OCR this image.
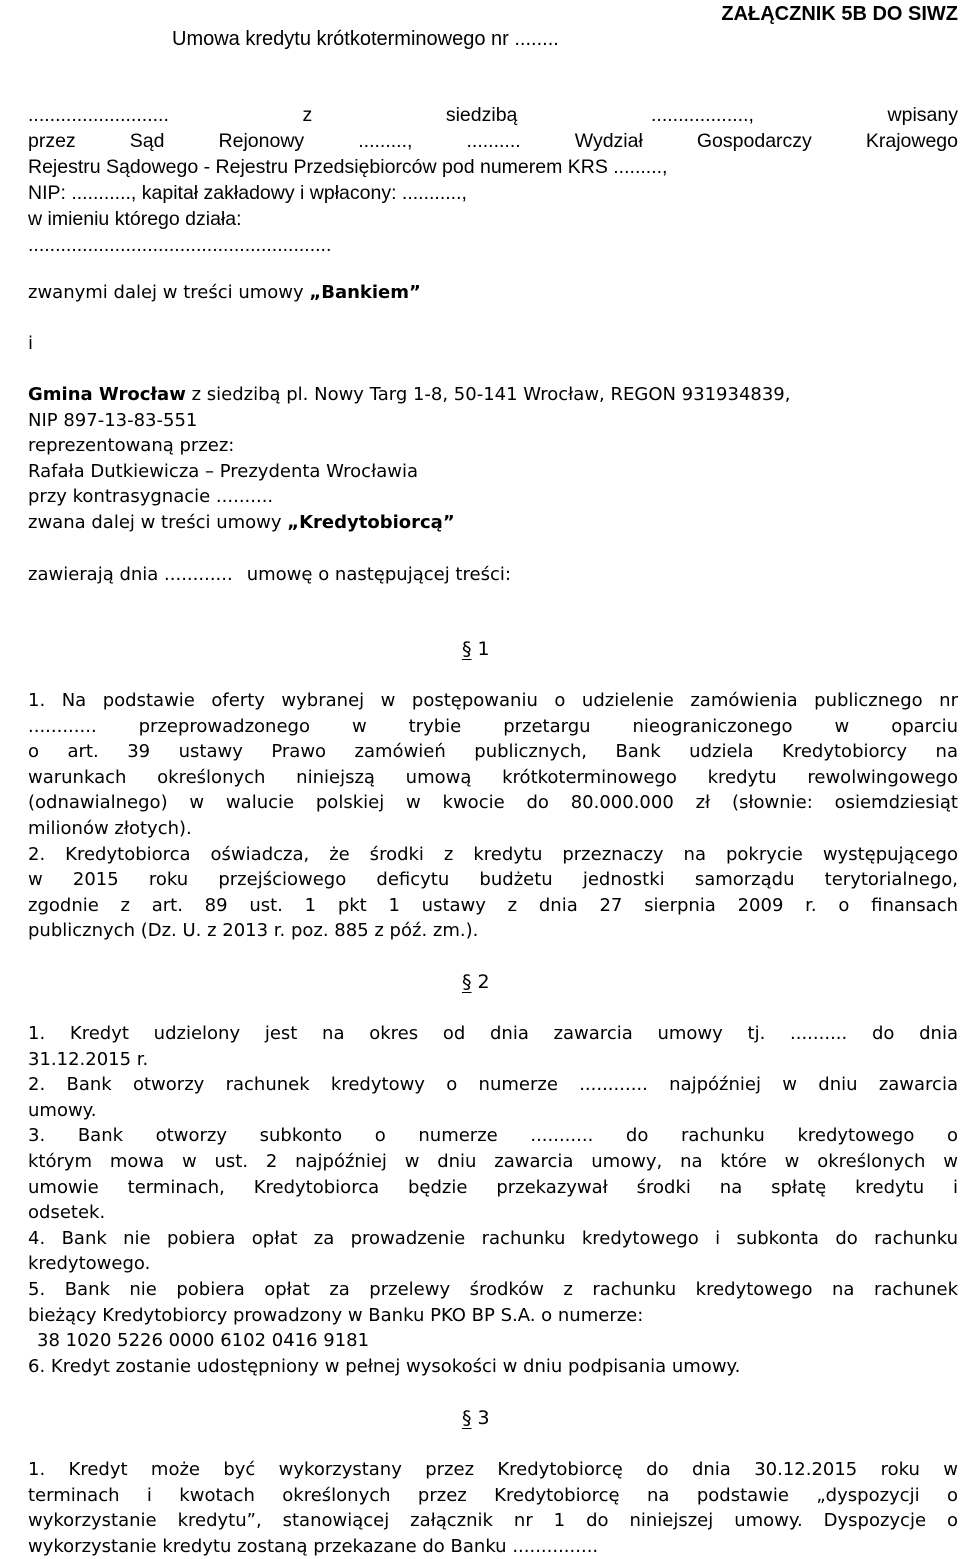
ZAŁĄCZNIK 5B DO SIWZ
Umowa kredytu krótkoterminowego nr ........
.......................... z siedzibą .................., wpisany
przez Sąd Rejonowy ........., .......... Wydział Gospodarczy Krajowego
Rejestru Sądowego - Rejestru Przedsiębiorców pod numerem KRS .........,
NIP: ..........., kapitał zakładowy i wpłacony: ...........,
w imieniu którego działa:
........................................................
zwanymi dalej w treści umowy „Bankiem”
i
Gmina Wrocław z siedzibą pl. Nowy Targ 1-8, 50-141 Wrocław, REGON 931934839,
NIP 897-13-83-551
reprezentowaną przez:
Rafała Dutkiewicza – Prezydenta Wrocławia
przy kontrasygnacie ..........
zwana dalej w treści umowy „Kredytobiorcą”
zawierają dnia ............ umowę o następującej treści:
§ 1
1. Na podstawie oferty wybranej w postępowaniu o udzielenie zamówienia publicznego nr
............ przeprowadzonego w trybie przetargu nieograniczonego w oparciu
o art. 39 ustawy Prawo zamówień publicznych, Bank udziela Kredytobiorcy na
warunkach określonych niniejszą umową krótkoterminowego kredytu rewolwingowego
(odnawialnego) w walucie polskiej w kwocie do 80.000.000 zł (słownie: osiemdziesiąt
milionów złotych).
2. Kredytobiorca oświadcza, że środki z kredytu przeznaczy na pokrycie występującego
w 2015 roku przejściowego deficytu budżetu jednostki samorządu terytorialnego,
zgodnie z art. 89 ust. 1 pkt 1 ustawy z dnia 27 sierpnia 2009 r. o finansach
publicznych (Dz. U. z 2013 r. poz. 885 z póź. zm.).
§ 2
1. Kredyt udzielony jest na okres od dnia zawarcia umowy tj. .......... do dnia
31.12.2015 r.
2. Bank otworzy rachunek kredytowy o numerze ............ najpóźniej w dniu zawarcia
umowy.
3. Bank otworzy subkonto o numerze ........... do rachunku kredytowego o
którym mowa w ust. 2 najpóźniej w dniu zawarcia umowy, na które w określonych w
umowie terminach, Kredytobiorca będzie przekazywał środki na spłatę kredytu i
odsetek.
4. Bank nie pobiera opłat za prowadzenie rachunku kredytowego i subkonta do rachunku
kredytowego.
5. Bank nie pobiera opłat za przelewy środków z rachunku kredytowego na rachunek
bieżący Kredytobiorcy prowadzony w Banku PKO BP S.A. o numerze:
38 1020 5226 0000 6102 0416 9181
6. Kredyt zostanie udostępniony w pełnej wysokości w dniu podpisania umowy.
§ 3
1. Kredyt może być wykorzystany przez Kredytobiorcę do dnia 30.12.2015 roku w
terminach i kwotach określonych przez Kredytobiorcę na podstawie „dyspozycji o
wykorzystanie kredytu”, stanowiącej załącznik nr 1 do niniejszej umowy. Dyspozycje o
wykorzystanie kredytu zostaną przekazane do Banku ...............
